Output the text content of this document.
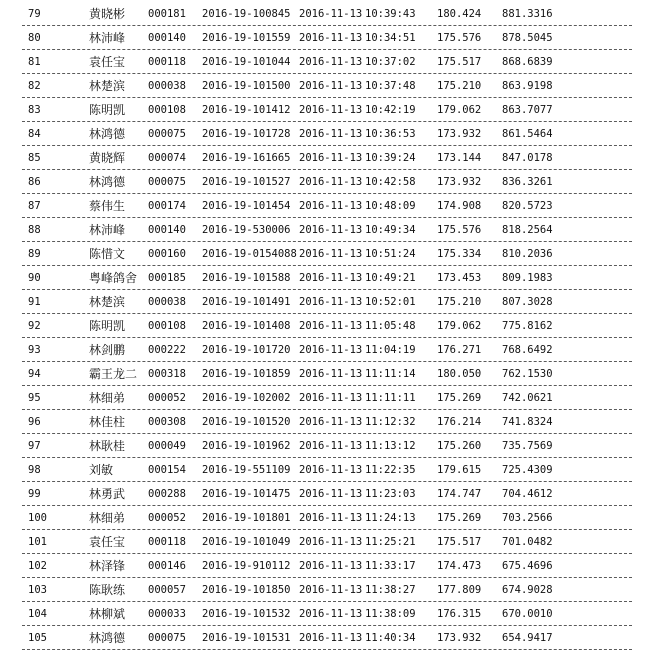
79	黄晓彬 000181 2016-19-100845 2016-11-13 10:39:43 180.424 881.3316
80	林沛峰 000140 2016-19-101559 2016-11-13 10:34:51 175.576 878.5045
81	袁任宝 000118 2016-19-101044 2016-11-13 10:37:02 175.517 868.6839
82	林楚滨 000038 2016-19-101500 2016-11-13 10:37:48 175.210 863.9198
83	陈明凯 000108 2016-19-101412 2016-11-13 10:42:19 179.062 863.7077
84	林鸿德 000075 2016-19-101728 2016-11-13 10:36:53 173.932 861.5464
85	黄晓辉 000074 2016-19-161665 2016-11-13 10:39:24 173.144 847.0178
86	林鸿德 000075 2016-19-101527 2016-11-13 10:42:58 173.932 836.3261
87	蔡伟生 000174 2016-19-101454 2016-11-13 10:48:09 174.908 820.5723
88	林沛峰 000140 2016-19-530006 2016-11-13 10:49:34 175.576 818.2564
89	陈惜文 000160 2016-19-0154088 2016-11-13 10:51:24 175.334 810.2036
90	粤峰鸽舍 000185 2016-19-101588 2016-11-13 10:49:21 173.453 809.1983
91	林楚滨 000038 2016-19-101491 2016-11-13 10:52:01 175.210 807.3028
92	陈明凯 000108 2016-19-101408 2016-11-13 11:05:48 179.062 775.8162
93	林剑鹏 000222 2016-19-101720 2016-11-13 11:04:19 176.271 768.6492
94	霸王龙二 000318 2016-19-101859 2016-11-13 11:11:14 180.050 762.1530
95	林细弟 000052 2016-19-102002 2016-11-13 11:11:11 175.269 742.0621
96	林佳柱 000308 2016-19-101520 2016-11-13 11:12:32 176.214 741.8324
97	林耿桂 000049 2016-19-101962 2016-11-13 11:13:12 175.260 735.7569
98	刘敏	000154 2016-19-551109 2016-11-13 11:22:35 179.615 725.4309
99	林勇武 000288 2016-19-101475 2016-11-13 11:23:03 174.747 704.4612
100	林细弟 000052 2016-19-101801 2016-11-13 11:24:13 175.269 703.2566
101	袁任宝 000118 2016-19-101049 2016-11-13 11:25:21 175.517 701.0482
102	林泽锋 000146 2016-19-910112 2016-11-13 11:33:17 174.473 675.4696
103	陈耿练 000057 2016-19-101850 2016-11-13 11:38:27 177.809 674.9028
104	林柳斌 000033 2016-19-101532 2016-11-13 11:38:09 176.315 670.0010
105	林鸿德 000075 2016-19-101531 2016-11-13 11:40:34 173.932 654.9417
